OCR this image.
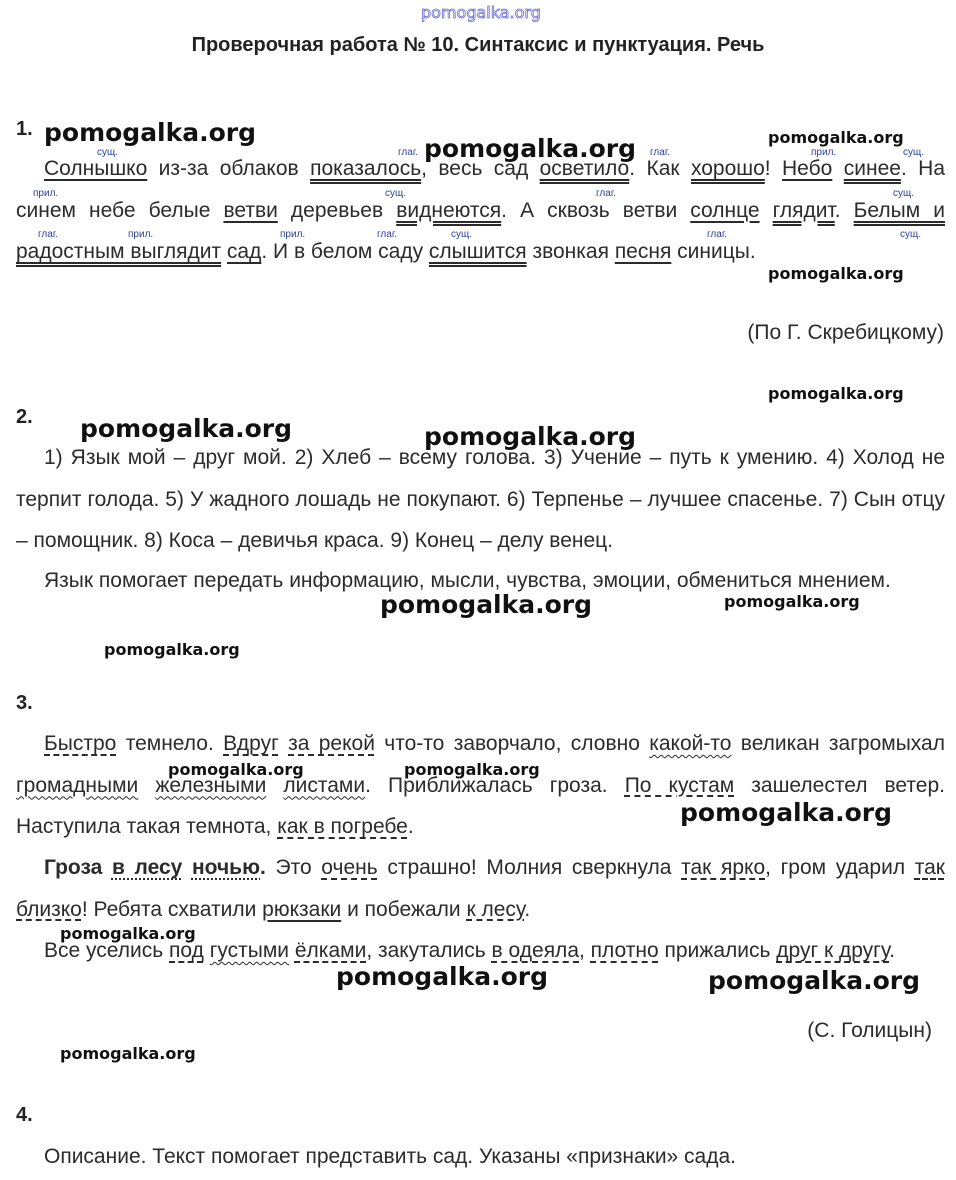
pomogalka.org
Проверочная работа № 10. Синтаксис и пунктуация. Речь
1.
сущ.	глаг.	глаг.	прил.	сущ.
прил.	сущ.	глаг.	сущ.
глаг.	прил.	прил.	глаг.	сущ.	глаг.	сущ.

Солнышко из-за облаков показалось, весь сад осветило. Как хорошо! Небо синее. На синем небе белые ветви деревьев виднеются. А сквозь ветви солнце глядит. Белым и радостным выглядит сад. И в белом саду слышится звонкая песня синицы.

(По Г. Скребицкому)
2.

1) Язык мой – друг мой. 2) Хлеб – всему голова. 3) Учение – путь к умению. 4) Холод не терпит голода. 5) У жадного лошадь не покупают. 6) Терпенье – лучшее спасенье. 7) Сын отцу – помощник. 8) Коса – девичья краса. 9) Конец – делу венец.

Язык помогает передать информацию, мысли, чувства, эмоции, обмениться мнением.

3.

Быстро темнело. Вдруг за рекой что-то заворчало, словно какой-то великан загромыхал громадными железными листами. Приближалась гроза. По кустам зашелестел ветер. Наступила такая темнота, как в погребе.

Гроза в лесу ночью. Это очень страшно! Молния сверкнула так ярко, гром ударил так близко! Ребята схватили рюкзаки и побежали к лесу.

Все уселись под густыми ёлками, закутались в одеяла, плотно прижались друг к другу.

(С. Голицын)
4.

Описание. Текст помогает представить сад. Указаны «признаки» сада.

pomogalka.org
pomogalka.org	pomogalka.org
pomogalka.org
pomogalka.org
pomogalka.org	pomogalka.org
pomogalka.org	pomogalka.org
pomogalka.org
pomogalka.org	pomogalka.org
pomogalka.org
pomogalka.org
pomogalka.org	pomogalka.org
pomogalka.org
